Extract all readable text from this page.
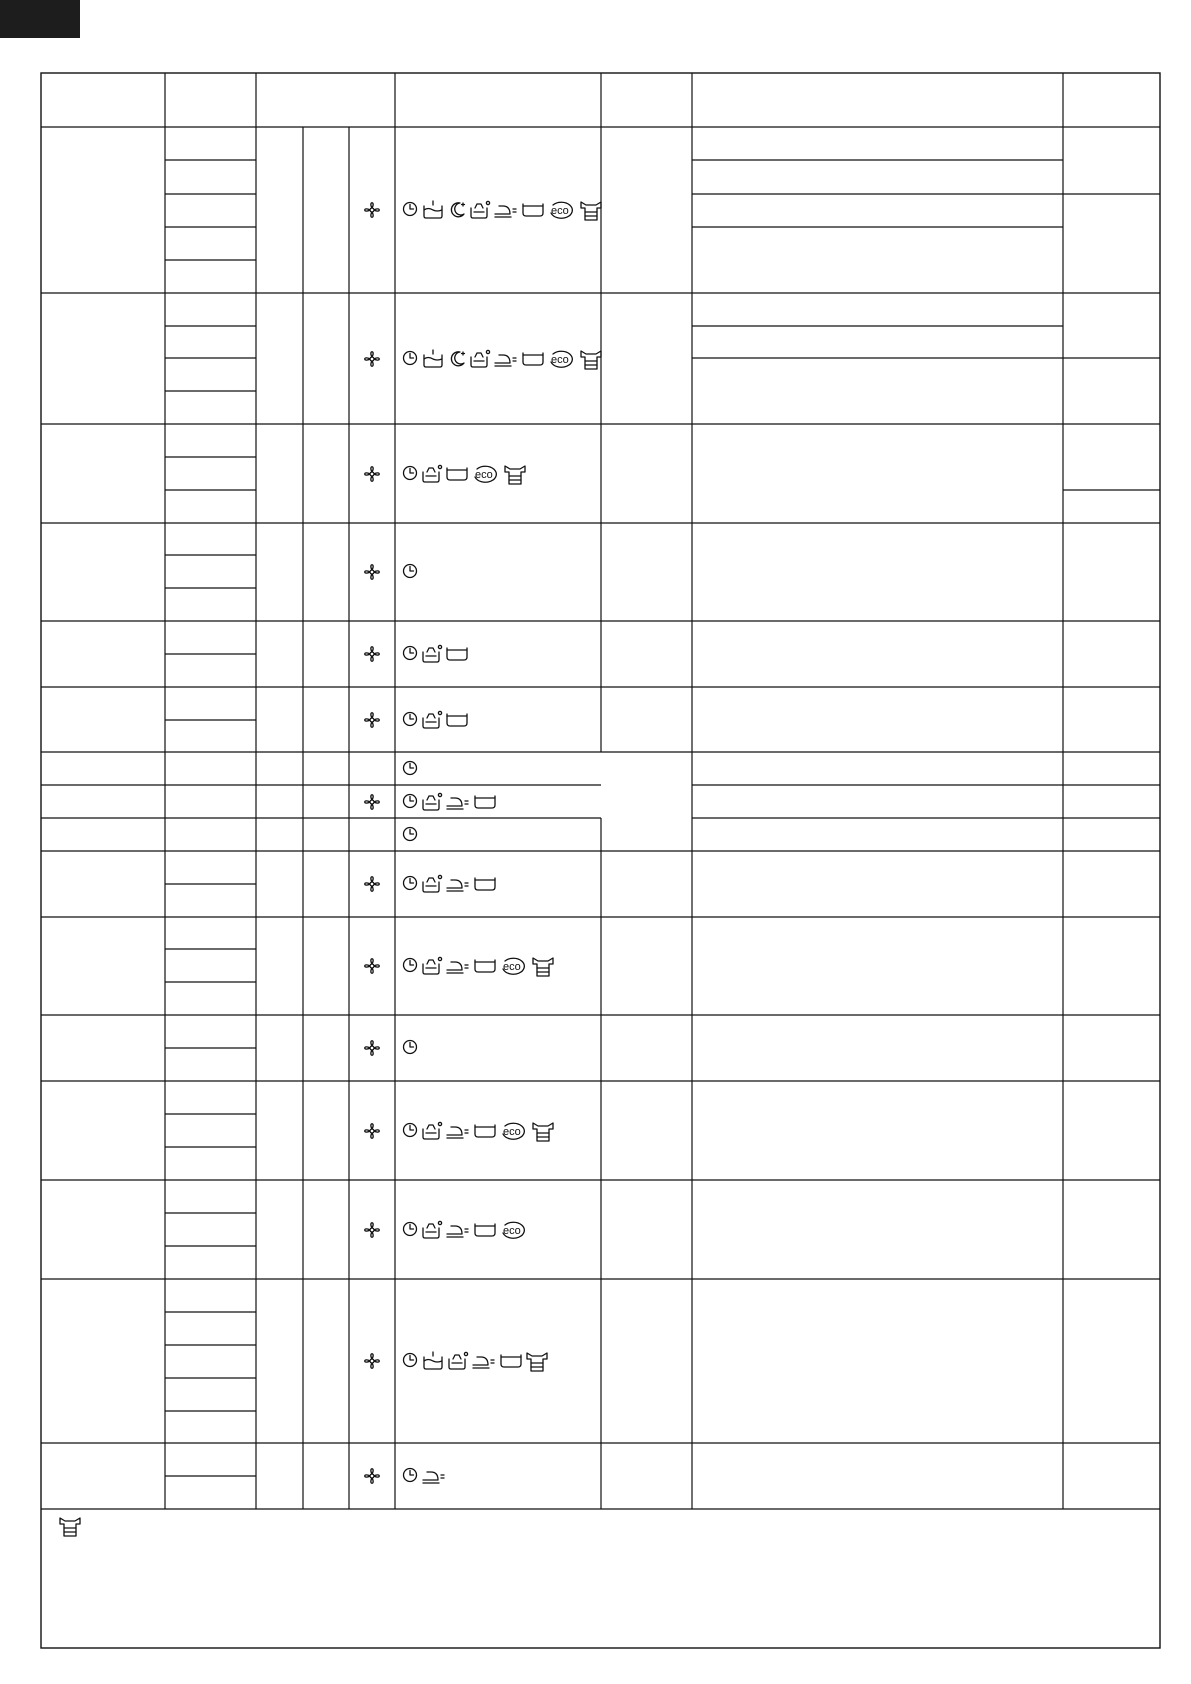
eco
eco
eco
eco
eco
eco
